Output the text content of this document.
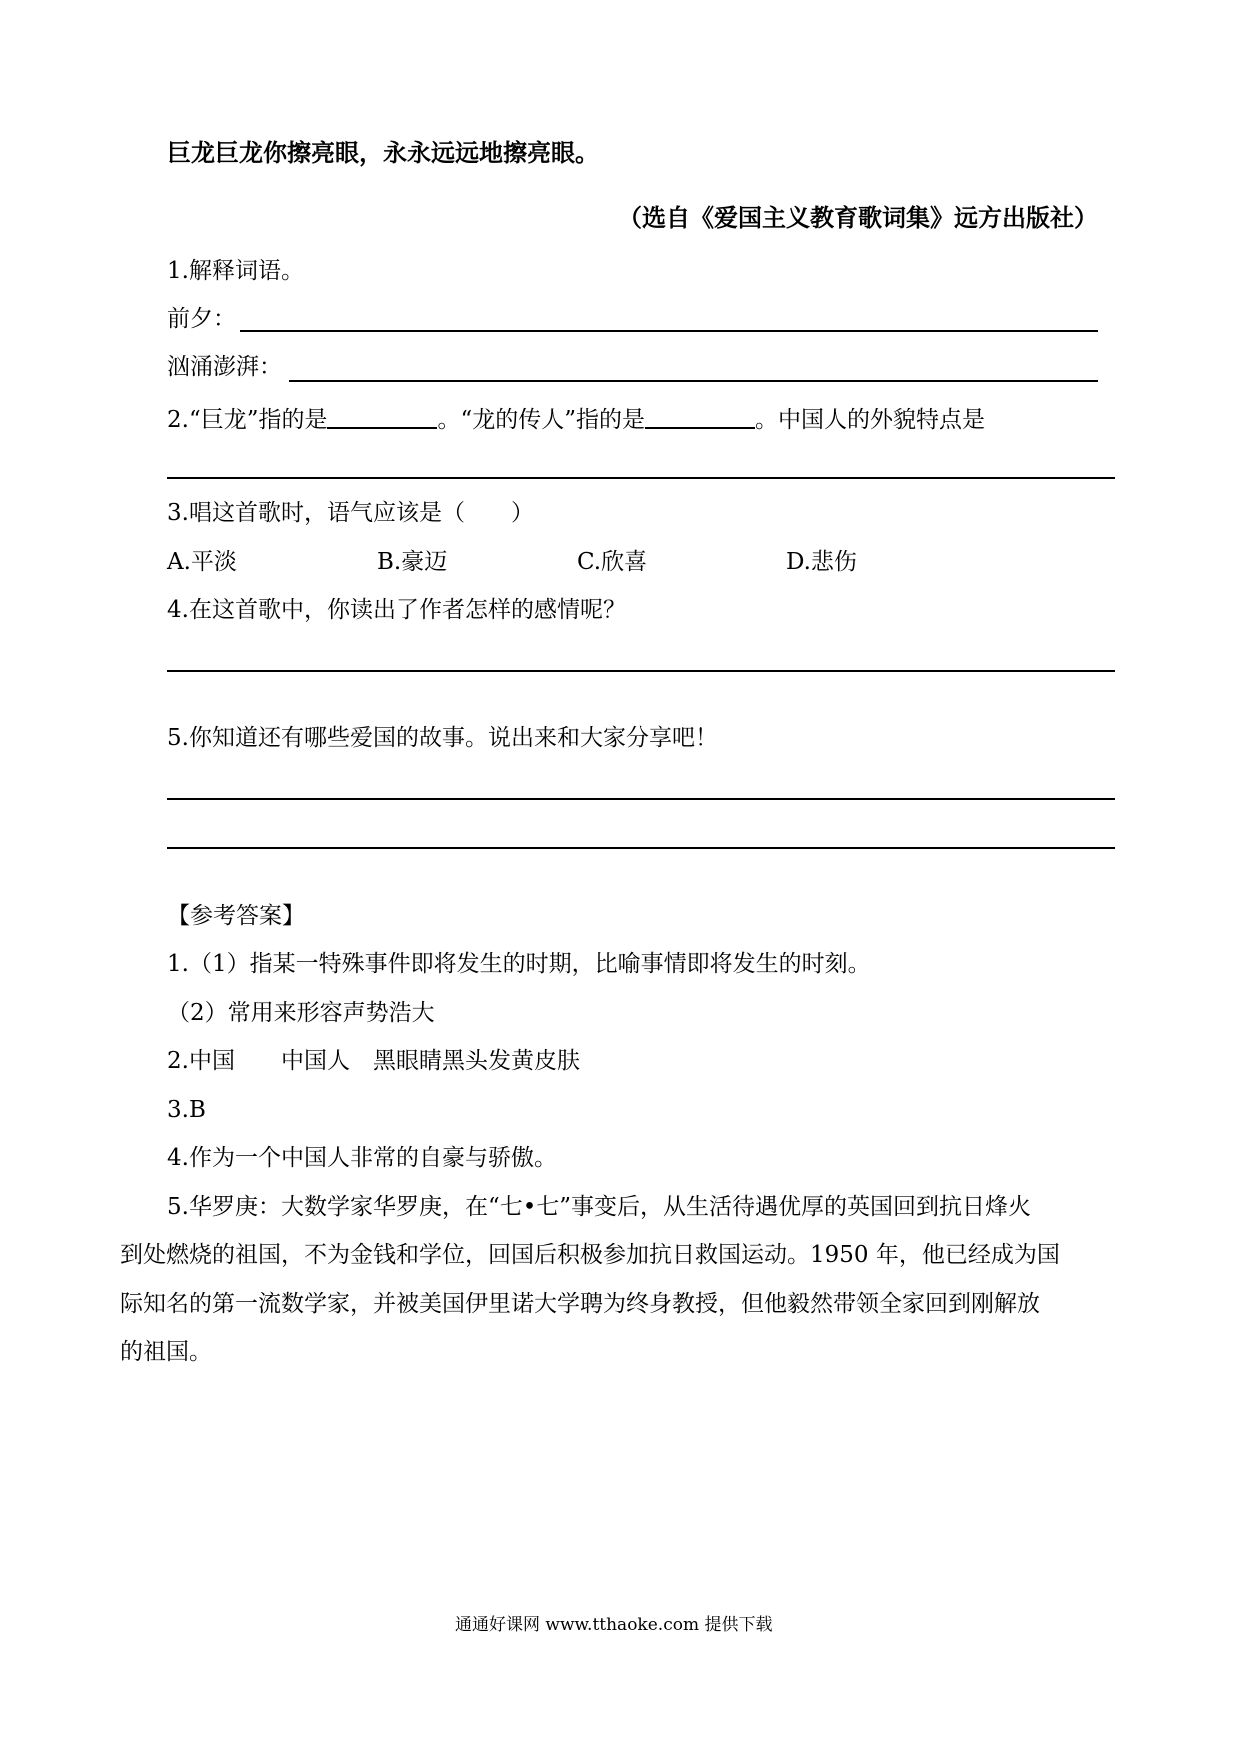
巨龙巨龙你擦亮眼，永永远远地擦亮眼。
（选自《爱国主义教育歌词集》远方出版社）
1.解释词语。
前夕：
汹涌澎湃：
2.“巨龙”指的是	。“龙的传人”指的是	。中国人的外貌特点是
3.唱这首歌时，语气应该是（　　）
A.平淡	B.豪迈	C.欣喜	D.悲伤
4.在这首歌中，你读出了作者怎样的感情呢？
5.你知道还有哪些爱国的故事。说出来和大家分享吧！
【参考答案】
1.（1）指某一特殊事件即将发生的时期，比喻事情即将发生的时刻。
（2）常用来形容声势浩大
2.中国　　中国人　黑眼睛黑头发黄皮肤
3.B
4.作为一个中国人非常的自豪与骄傲。
5.华罗庚：大数学家华罗庚，在“七•七”事变后，从生活待遇优厚的英国回到抗日烽火
到处燃烧的祖国，不为金钱和学位，回国后积极参加抗日救国运动。1950 年，他已经成为国
际知名的第一流数学家，并被美国伊里诺大学聘为终身教授，但他毅然带领全家回到刚解放
的祖国。
通通好课网 www.tthaoke.com 提供下载
